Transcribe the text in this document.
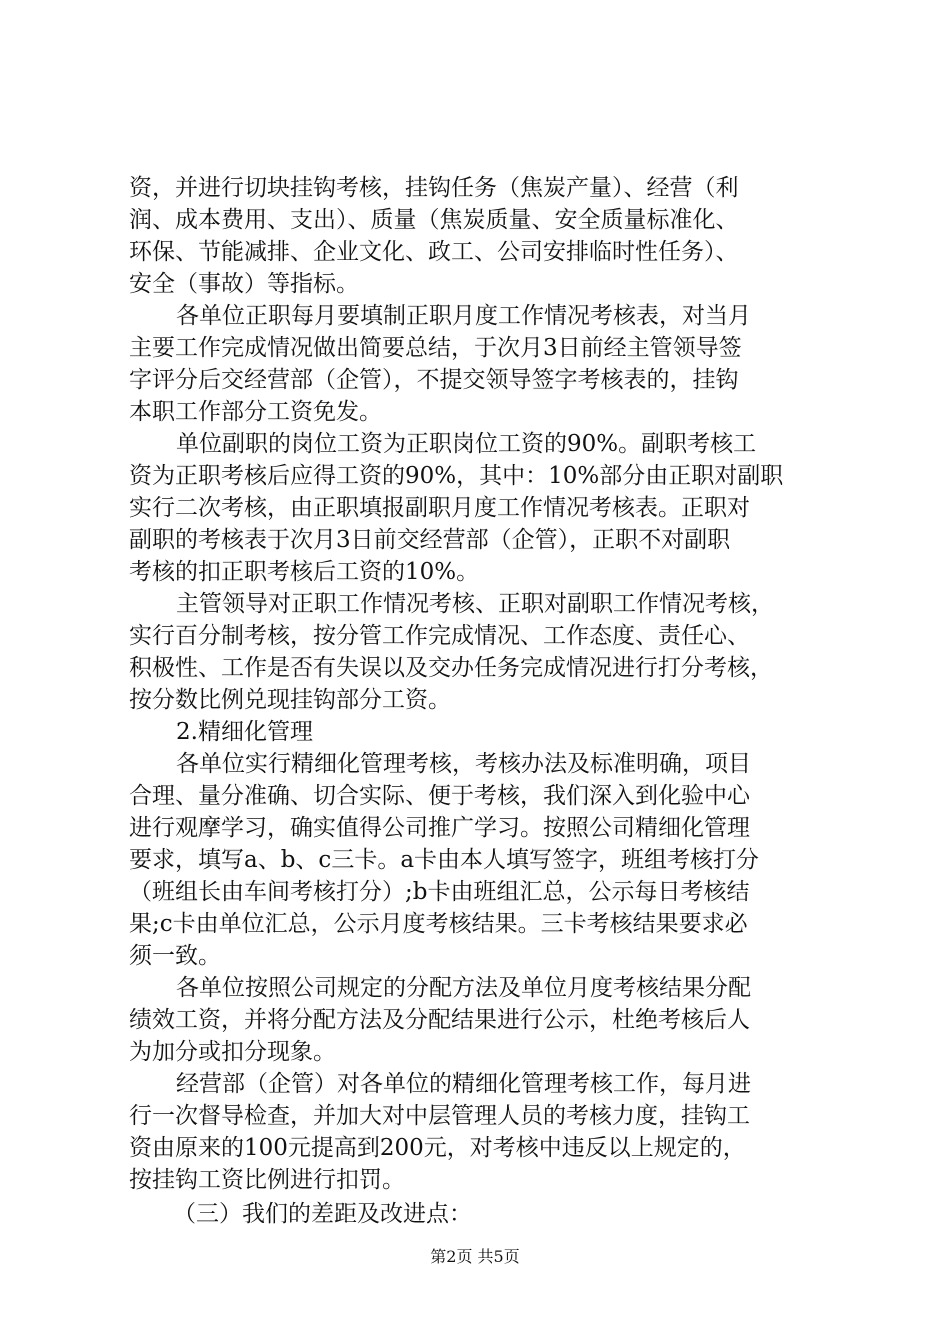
资，并进行切块挂钩考核，挂钩任务（焦炭产量）、经营（利
润、成本费用、支出）、质量（焦炭质量、安全质量标准化、
环保、节能减排、企业文化、政工、公司安排临时性任务）、
安全（事故）等指标。
各单位正职每月要填制正职月度工作情况考核表，对当月
主要工作完成情况做出简要总结，于次月3日前经主管领导签
字评分后交经营部（企管），不提交领导签字考核表的，挂钩
本职工作部分工资免发。
单位副职的岗位工资为正职岗位工资的90%。副职考核工
资为正职考核后应得工资的90%，其中：10%部分由正职对副职
实行二次考核，由正职填报副职月度工作情况考核表。正职对
副职的考核表于次月3日前交经营部（企管），正职不对副职
考核的扣正职考核后工资的10%。
主管领导对正职工作情况考核、正职对副职工作情况考核，
实行百分制考核，按分管工作完成情况、工作态度、责任心、
积极性、工作是否有失误以及交办任务完成情况进行打分考核，
按分数比例兑现挂钩部分工资。
2.精细化管理
各单位实行精细化管理考核，考核办法及标准明确，项目
合理、量分准确、切合实际、便于考核，我们深入到化验中心
进行观摩学习，确实值得公司推广学习。按照公司精细化管理
要求，填写a、b、c三卡。a卡由本人填写签字，班组考核打分
（班组长由车间考核打分）;b卡由班组汇总，公示每日考核结
果;c卡由单位汇总，公示月度考核结果。三卡考核结果要求必
须一致。
各单位按照公司规定的分配方法及单位月度考核结果分配
绩效工资，并将分配方法及分配结果进行公示，杜绝考核后人
为加分或扣分现象。
经营部（企管）对各单位的精细化管理考核工作，每月进
行一次督导检查，并加大对中层管理人员的考核力度，挂钩工
资由原来的100元提高到200元，对考核中违反以上规定的，
按挂钩工资比例进行扣罚。
（三）我们的差距及改进点：
第2页 共5页
